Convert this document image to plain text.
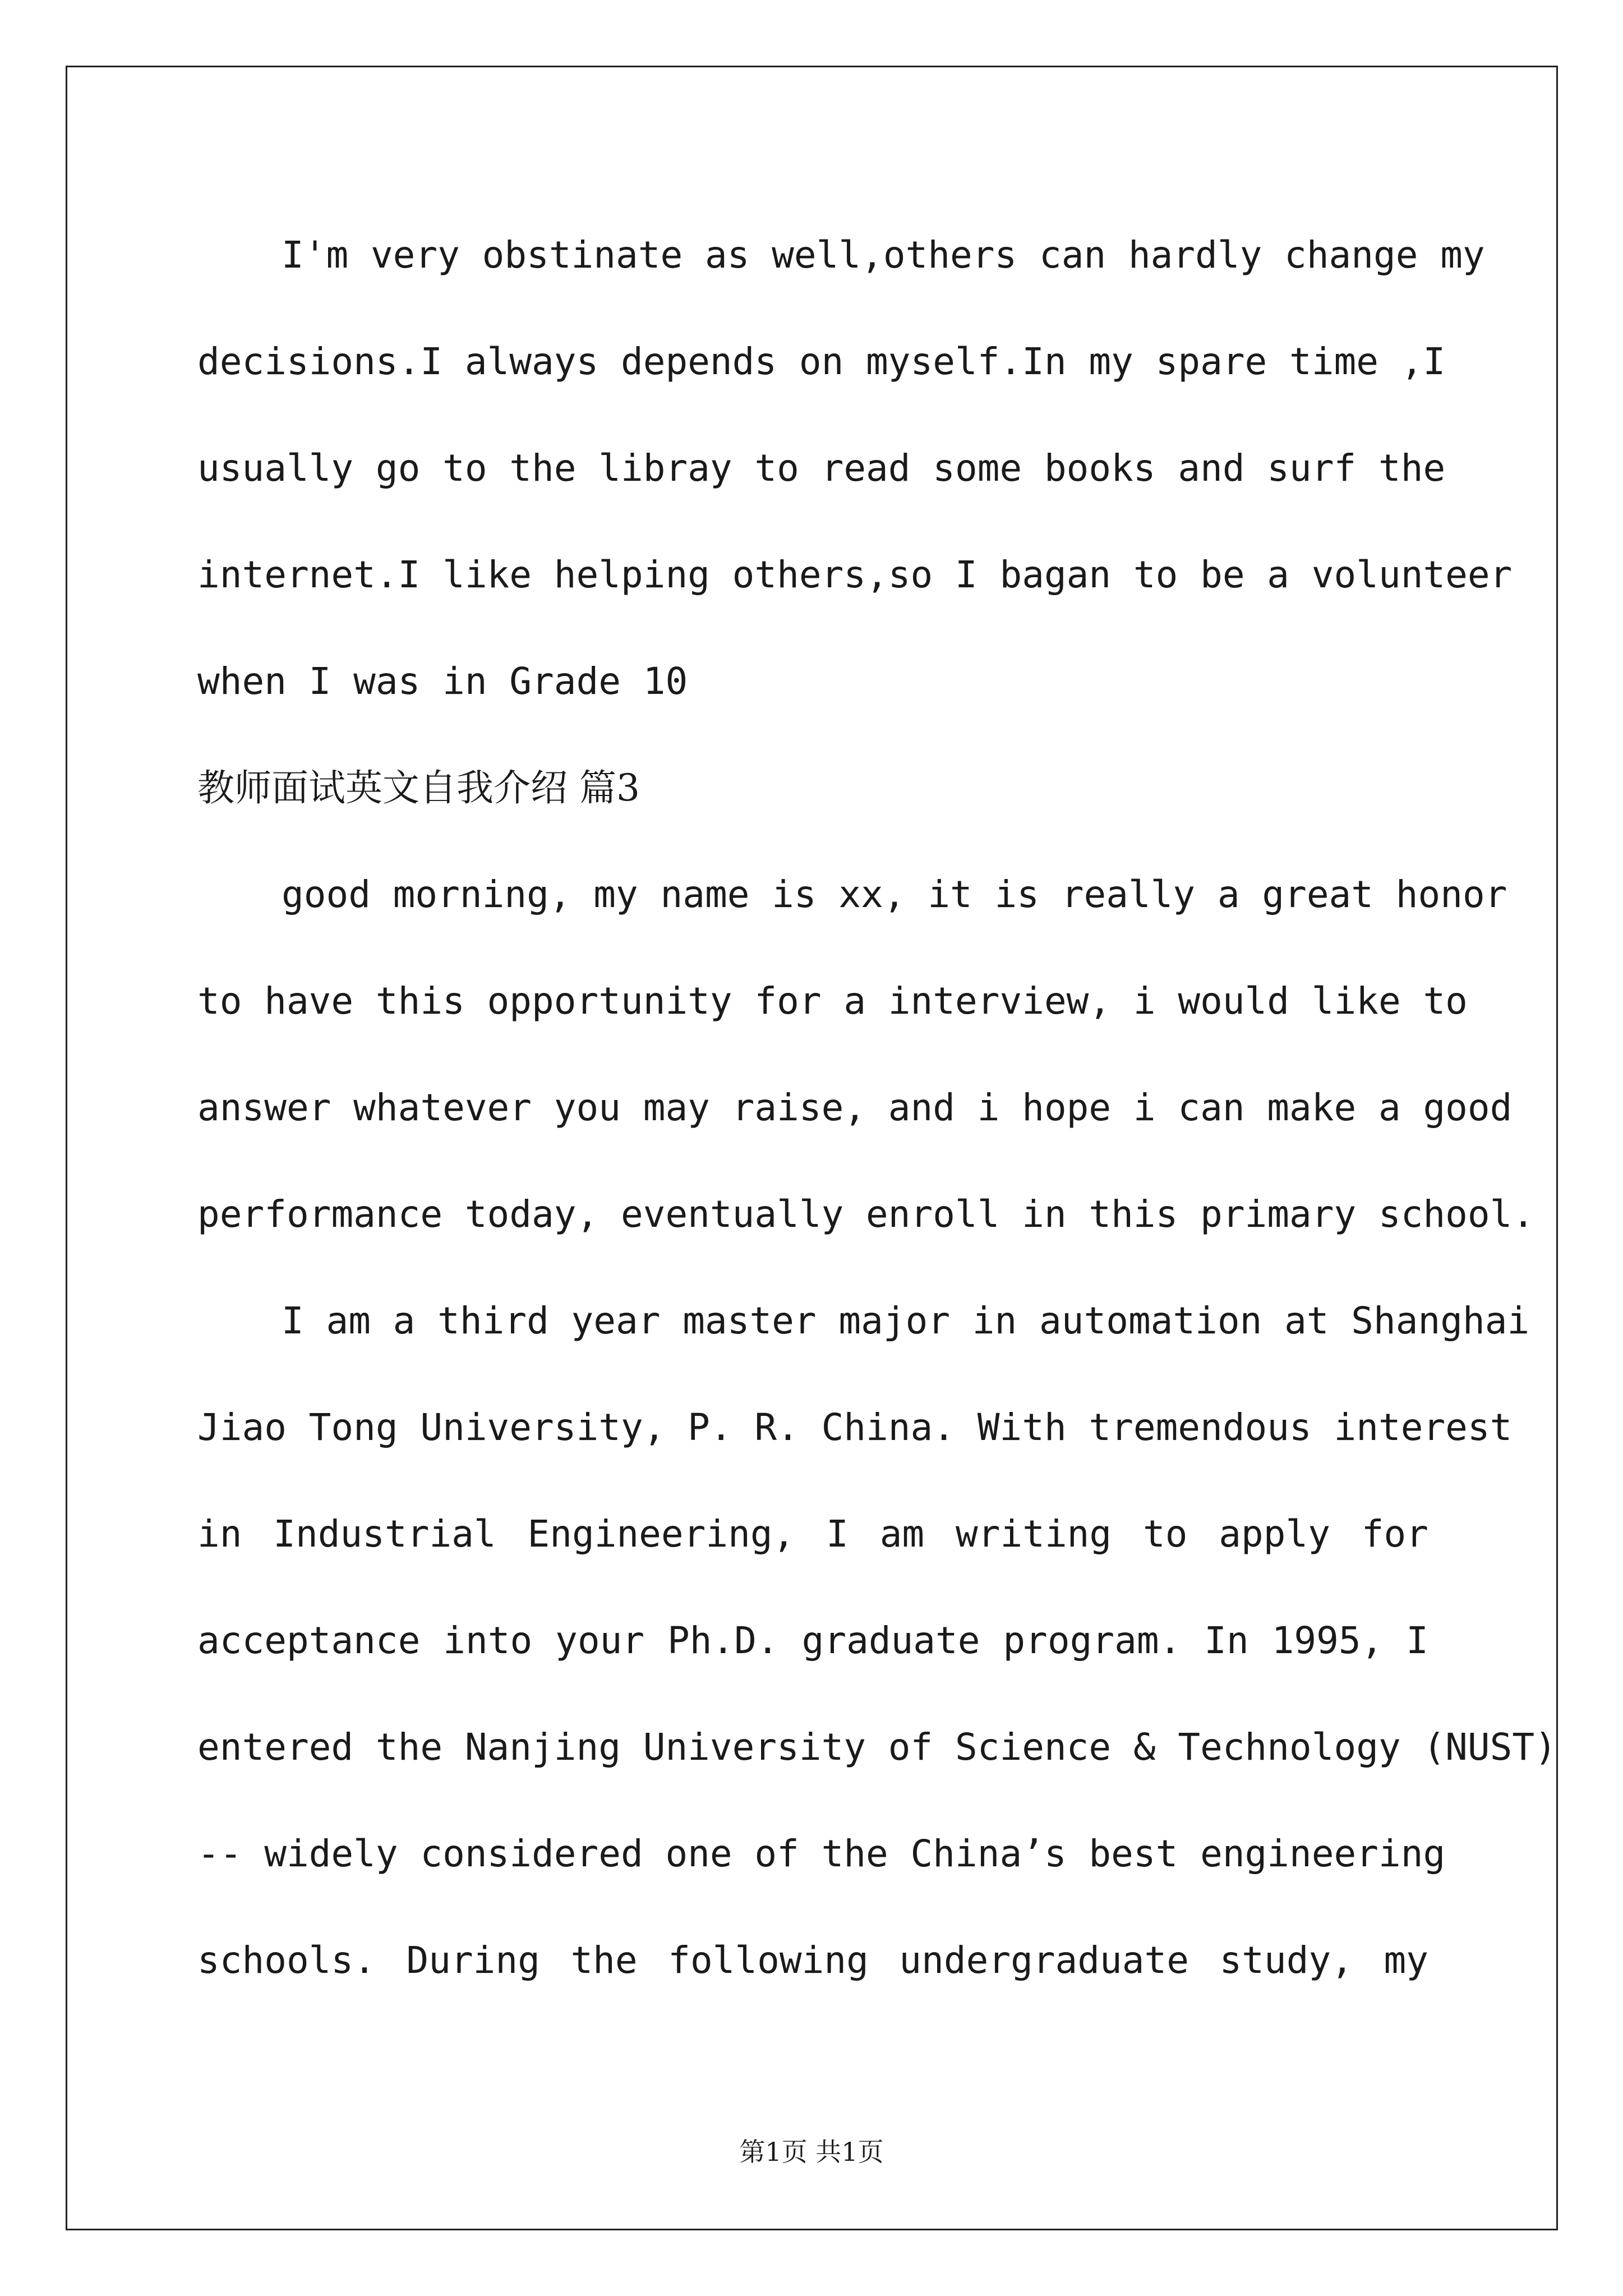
I'm very obstinate as well,others can hardly change my
decisions.I always depends on myself.In my spare time ,I
usually go to the libray to read some books and surf the
internet.I like helping others,so I bagan to be a volunteer
when I was in Grade 10
教师面试英文自我介绍 篇3
good morning, my name is xx, it is really a great honor
to have this opportunity for a interview, i would like to
answer whatever you may raise, and i hope i can make a good
performance today, eventually enroll in this primary school.
I am a third year master major in automation at Shanghai
Jiao Tong University, P. R. China. With tremendous interest
in Industrial Engineering, I am writing to apply for
acceptance into your Ph.D. graduate program. In 1995, I
entered the Nanjing University of Science & Technology (NUST)
-- widely considered one of the China’s best engineering
schools. During the following undergraduate study, my
第1页 共1页
